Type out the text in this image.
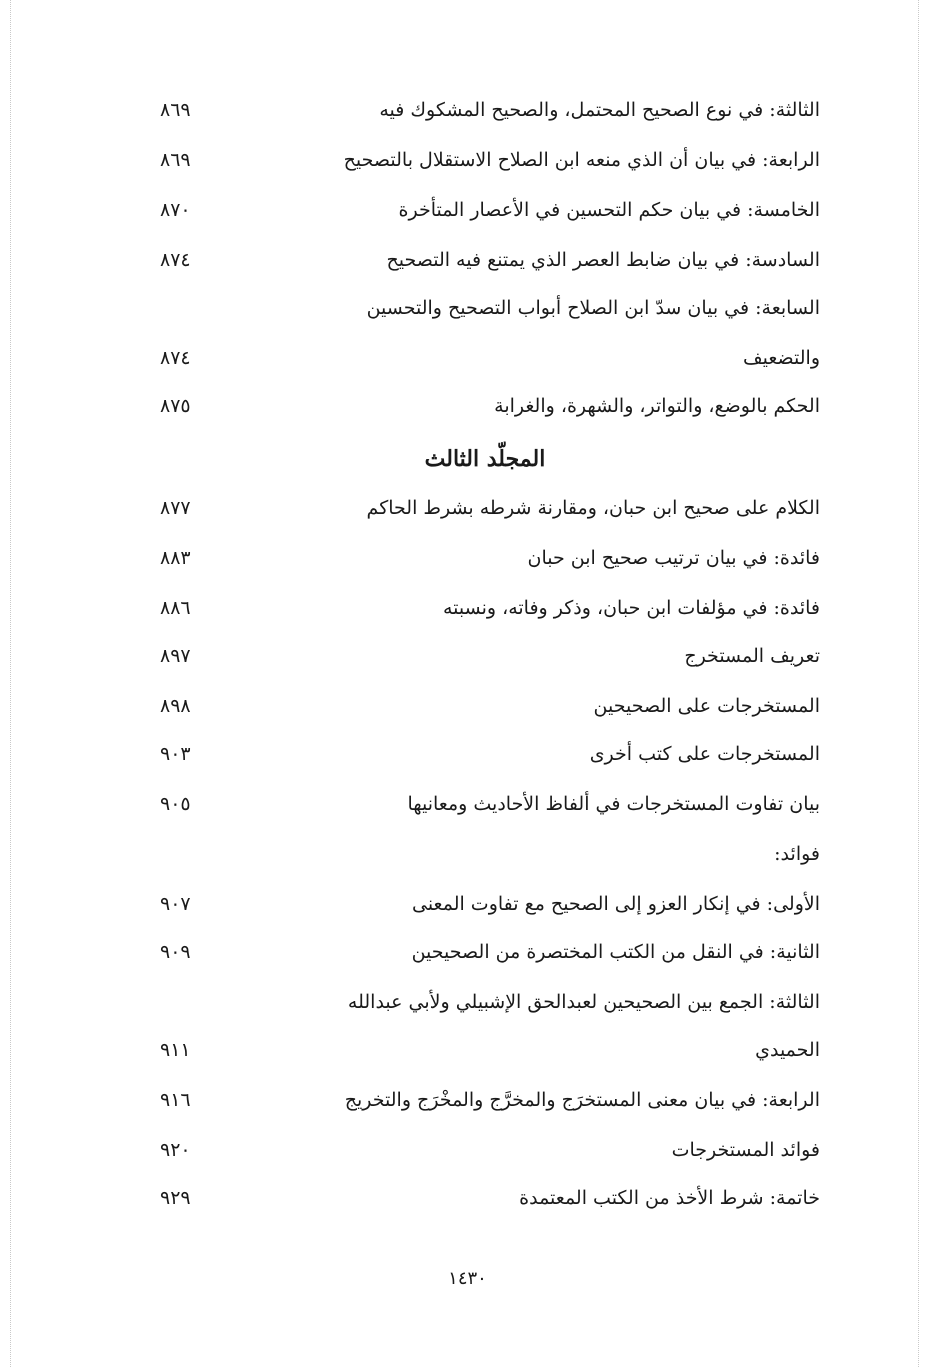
الثالثة: في نوع الصحيح المحتمل، والصحيح المشكوك فيه
٨٦٩
الرابعة: في بيان أن الذي منعه ابن الصلاح الاستقلال بالتصحيح
٨٦٩
الخامسة: في بيان حكم التحسين في الأعصار المتأخرة
٨٧٠
السادسة: في بيان ضابط العصر الذي يمتنع فيه التصحيح
٨٧٤
السابعة: في بيان سدّ ابن الصلاح أبواب التصحيح والتحسين
والتضعيف
٨٧٤
الحكم بالوضع، والتواتر، والشهرة، والغرابة
٨٧٥
المجلّد الثالث
الكلام على صحيح ابن حبان، ومقارنة شرطه بشرط الحاكم
٨٧٧
فائدة: في بيان ترتيب صحيح ابن حبان
٨٨٣
فائدة: في مؤلفات ابن حبان، وذكر وفاته، ونسبته
٨٨٦
تعريف المستخرج
٨٩٧
المستخرجات على الصحيحين
٨٩٨
المستخرجات على كتب أخرى
٩٠٣
بيان تفاوت المستخرجات في ألفاظ الأحاديث ومعانيها
٩٠٥
فوائد:
الأولى: في إنكار العزو إلى الصحيح مع تفاوت المعنى
٩٠٧
الثانية: في النقل من الكتب المختصرة من الصحيحين
٩٠٩
الثالثة: الجمع بين الصحيحين لعبدالحق الإشبيلي ولأبي عبدالله
الحميدي
٩١١
الرابعة: في بيان معنى المستخرَج والمخرَّج والمخْرَج والتخريج
٩١٦
فوائد المستخرجات
٩٢٠
خاتمة: شرط الأخذ من الكتب المعتمدة
٩٢٩
١٤٣٠
